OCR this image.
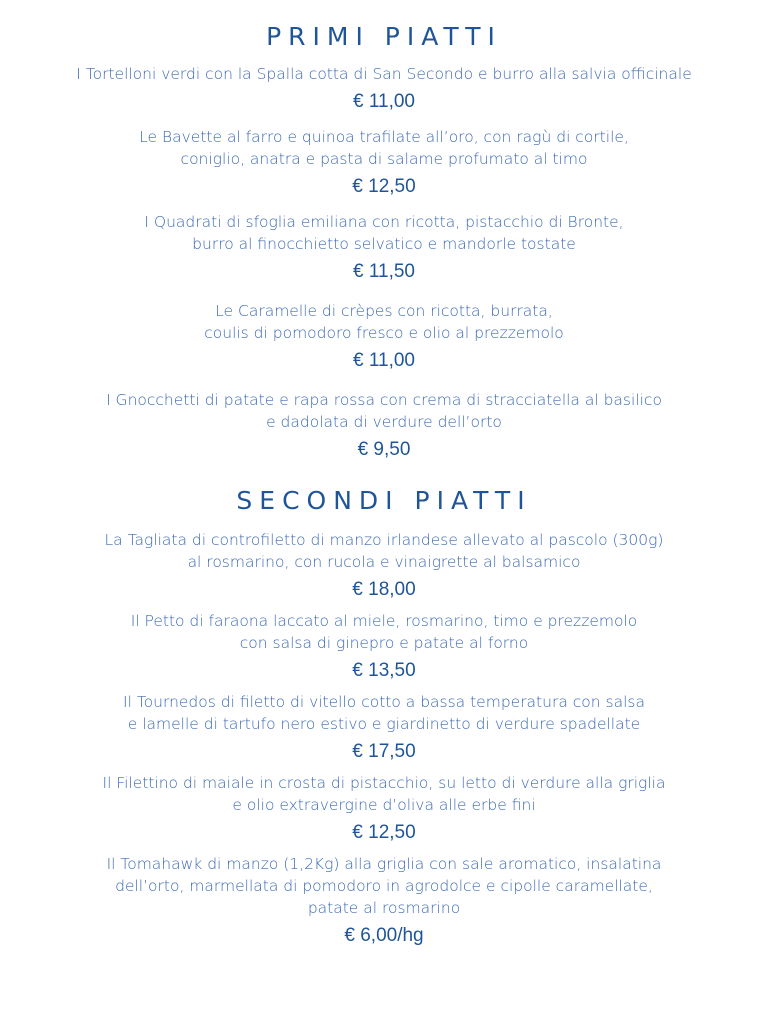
PRIMI PIATTI
I Tortelloni verdi con la Spalla cotta di San Secondo e burro alla salvia officinale
€ 11,00
Le Bavette al farro e quinoa trafilate all’oro, con ragù di cortile,
coniglio, anatra e pasta di salame profumato al timo
€ 12,50
I Quadrati di sfoglia emiliana con ricotta, pistacchio di Bronte,
burro al finocchietto selvatico e mandorle tostate
€ 11,50
Le Caramelle di crèpes con ricotta, burrata,
coulis di pomodoro fresco e olio al prezzemolo
€ 11,00
I Gnocchetti di patate e rapa rossa con crema di stracciatella al basilico
e dadolata di verdure dell’orto
€ 9,50
SECONDI PIATTI
La Tagliata di controfiletto di manzo irlandese allevato al pascolo (300g)
al rosmarino, con rucola e vinaigrette al balsamico
€ 18,00
Il Petto di faraona laccato al miele, rosmarino, timo e prezzemolo
con salsa di ginepro e patate al forno
€ 13,50
Il Tournedos di filetto di vitello cotto a bassa temperatura con salsa
e lamelle di tartufo nero estivo e giardinetto di verdure spadellate
€ 17,50
Il Filettino di maiale in crosta di pistacchio, su letto di verdure alla griglia
e olio extravergine d’oliva alle erbe fini
€ 12,50
Il Tomahawk di manzo (1,2Kg) alla griglia con sale aromatico, insalatina
dell’orto, marmellata di pomodoro in agrodolce e cipolle caramellate,
patate al rosmarino
€ 6,00/hg
